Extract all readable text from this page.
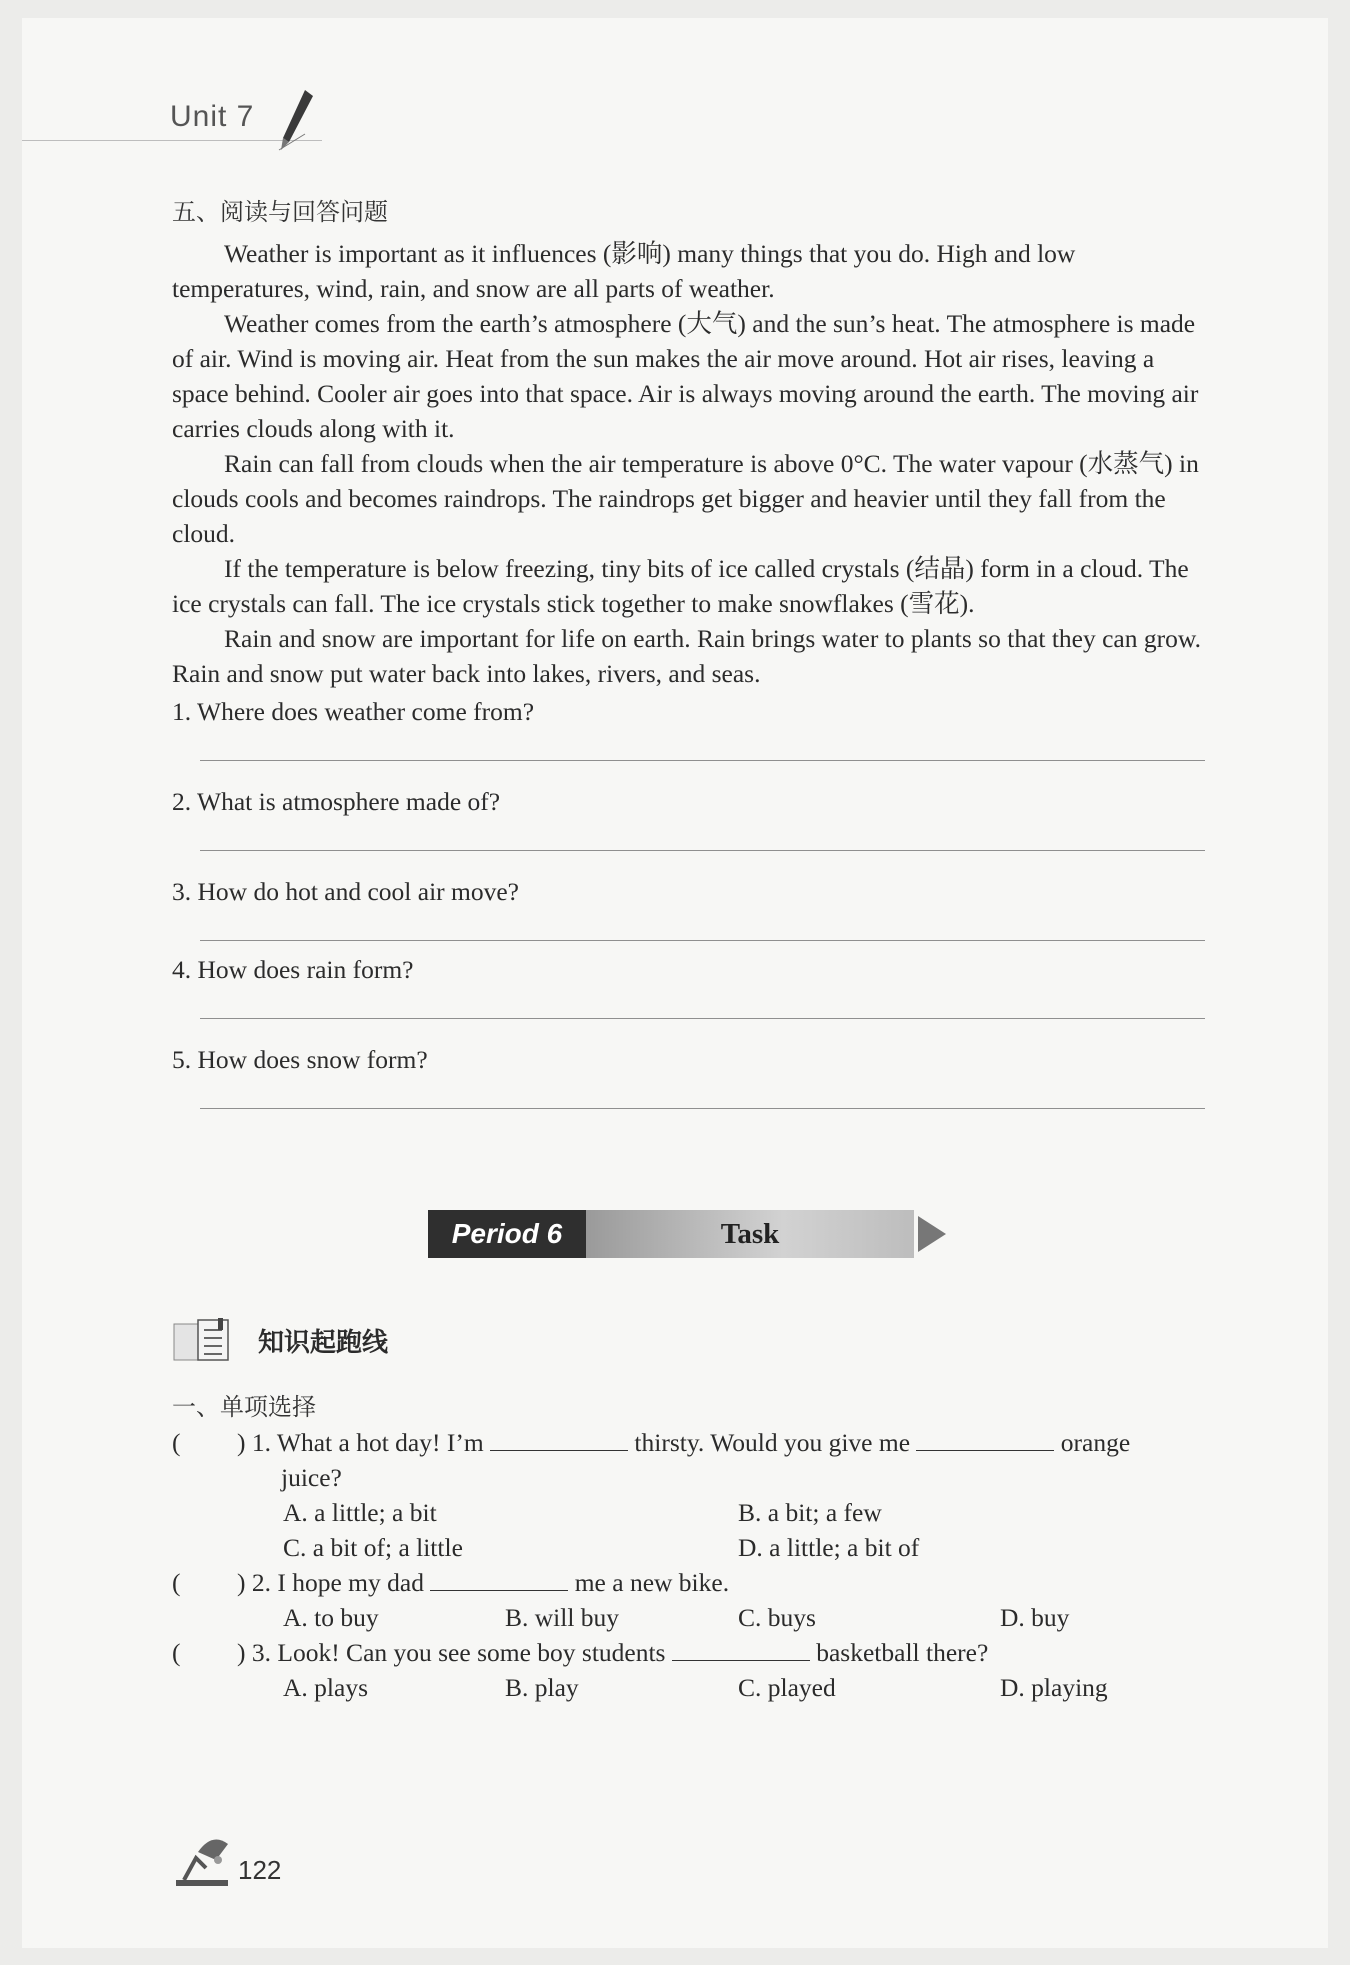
Unit 7
五、阅读与回答问题

Weather is important as it influences (影响) many things that you do. High and low temperatures, wind, rain, and snow are all parts of weather.

Weather comes from the earth’s atmosphere (大气) and the sun’s heat. The atmosphere is made of air. Wind is moving air. Heat from the sun makes the air move around. Hot air rises, leaving a space behind. Cooler air goes into that space. Air is always moving around the earth. The moving air carries clouds along with it.

Rain can fall from clouds when the air temperature is above 0°C. The water vapour (水蒸气) in clouds cools and becomes raindrops. The raindrops get bigger and heavier until they fall from the cloud.

If the temperature is below freezing, tiny bits of ice called crystals (结晶) form in a cloud. The ice crystals can fall. The ice crystals stick together to make snowflakes (雪花).

Rain and snow are important for life on earth. Rain brings water to plants so that they can grow. Rain and snow put water back into lakes, rivers, and seas.

1. Where does weather come from?
2. What is atmosphere made of?
3. How do hot and cool air move?
4. How does rain form?
5. How does snow form?
Period 6	Task
知识起跑线
一、单项选择
( ) 1. What a hot day! I’m	thirsty. Would you give me	orange
juice?
A. a little; a bit	B. a bit; a few
C. a bit of; a little	D. a little; a bit of
( ) 2. I hope my dad	me a new bike.
A. to buy	B. will buy	C. buys	D. buy
( ) 3. Look! Can you see some boy students	basketball there?
A. plays	B. play	C. played	D. playing
122
